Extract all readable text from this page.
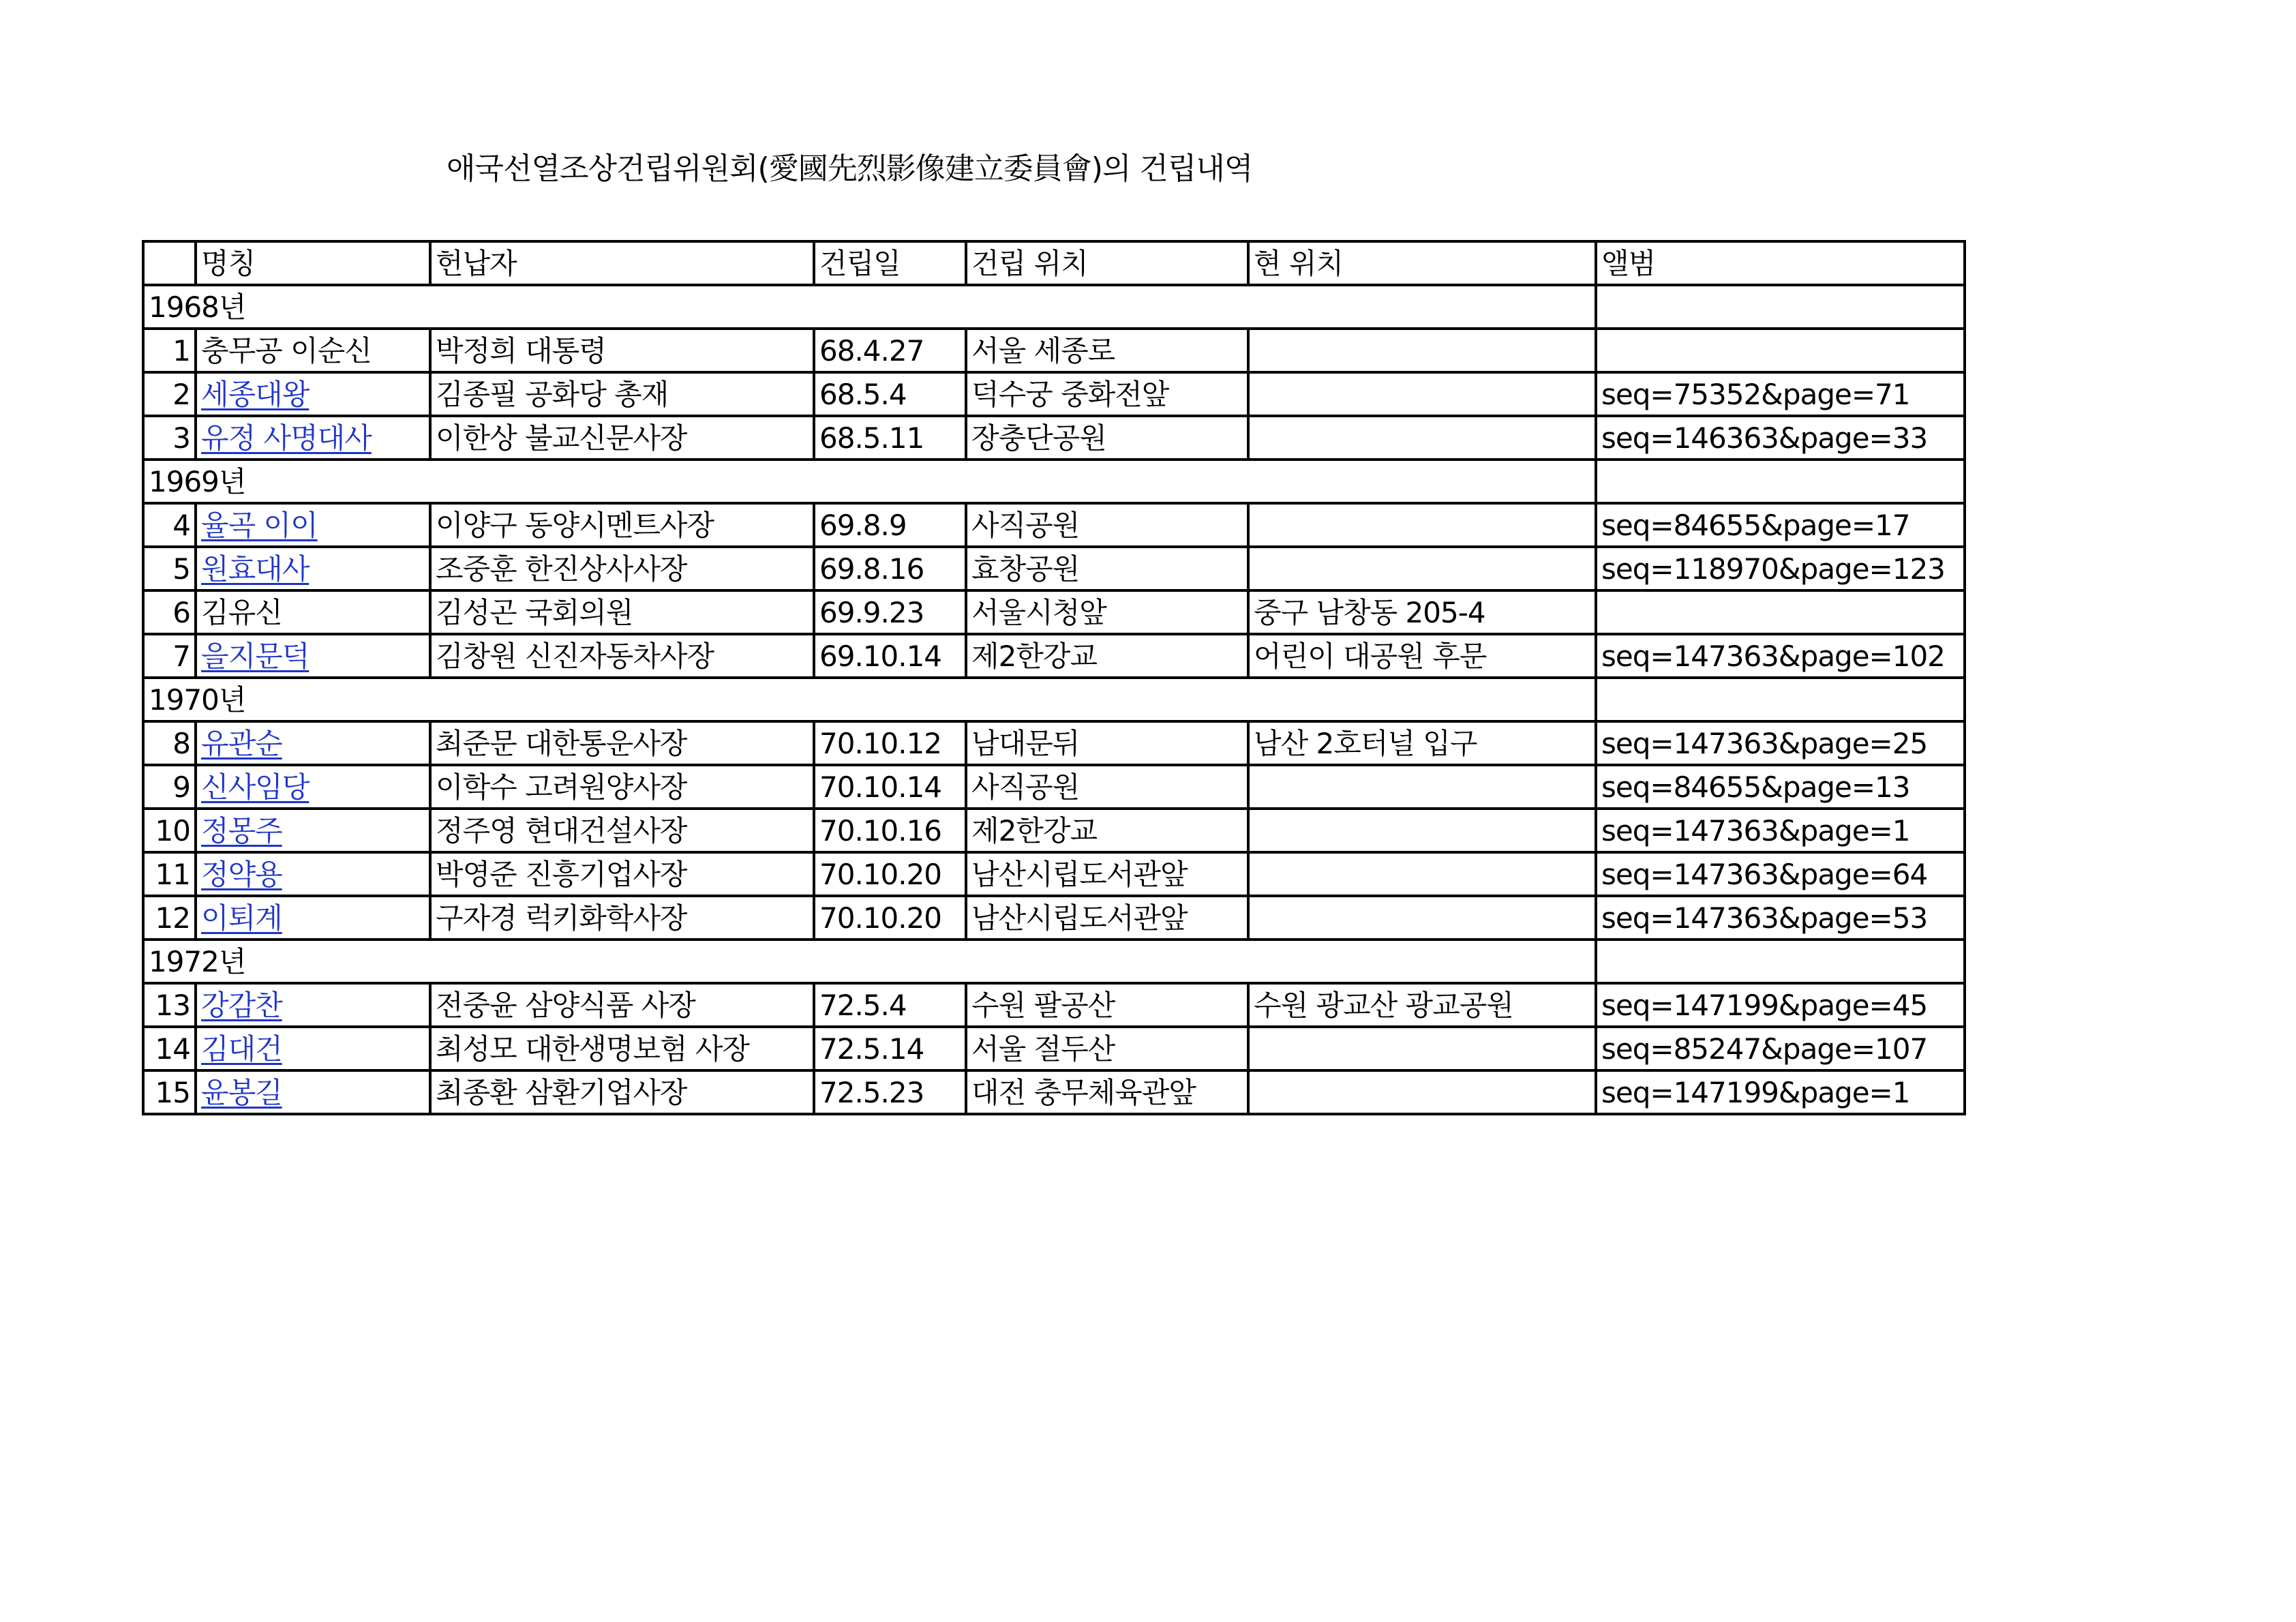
애국선열조상건립위원회(愛國先烈影像建立委員會)의 건립내역
	명칭	헌납자	건립일	건립 위치	현 위치	앨범
1968년						
1	충무공 이순신	박정희 대통령	68.4.27	서울 세종로		
2	세종대왕	김종필 공화당 총재	68.5.4	덕수궁 중화전앞		seq=75352&page=71
3	유정 사명대사	이한상 불교신문사장	68.5.11	장충단공원		seq=146363&page=33
1969년						
4	율곡 이이	이양구 동양시멘트사장	69.8.9	사직공원		seq=84655&page=17
5	원효대사	조중훈 한진상사사장	69.8.16	효창공원		seq=118970&page=123
6	김유신	김성곤 국회의원	69.9.23	서울시청앞	중구 남창동 205-4	
7	을지문덕	김창원 신진자동차사장	69.10.14	제2한강교	어린이 대공원 후문	seq=147363&page=102
1970년						
8	유관순	최준문 대한통운사장	70.10.12	남대문뒤	남산 2호터널 입구	seq=147363&page=25
9	신사임당	이학수 고려원양사장	70.10.14	사직공원		seq=84655&page=13
10	정몽주	정주영 현대건설사장	70.10.16	제2한강교		seq=147363&page=1
11	정약용	박영준 진흥기업사장	70.10.20	남산시립도서관앞		seq=147363&page=64
12	이퇴계	구자경 럭키화학사장	70.10.20	남산시립도서관앞		seq=147363&page=53
1972년						
13	강감찬	전중윤 삼양식품 사장	72.5.4	수원 팔공산	수원 광교산 광교공원	seq=147199&page=45
14	김대건	최성모 대한생명보험 사장	72.5.14	서울 절두산		seq=85247&page=107
15	윤봉길	최종환 삼환기업사장	72.5.23	대전 충무체육관앞		seq=147199&page=1
